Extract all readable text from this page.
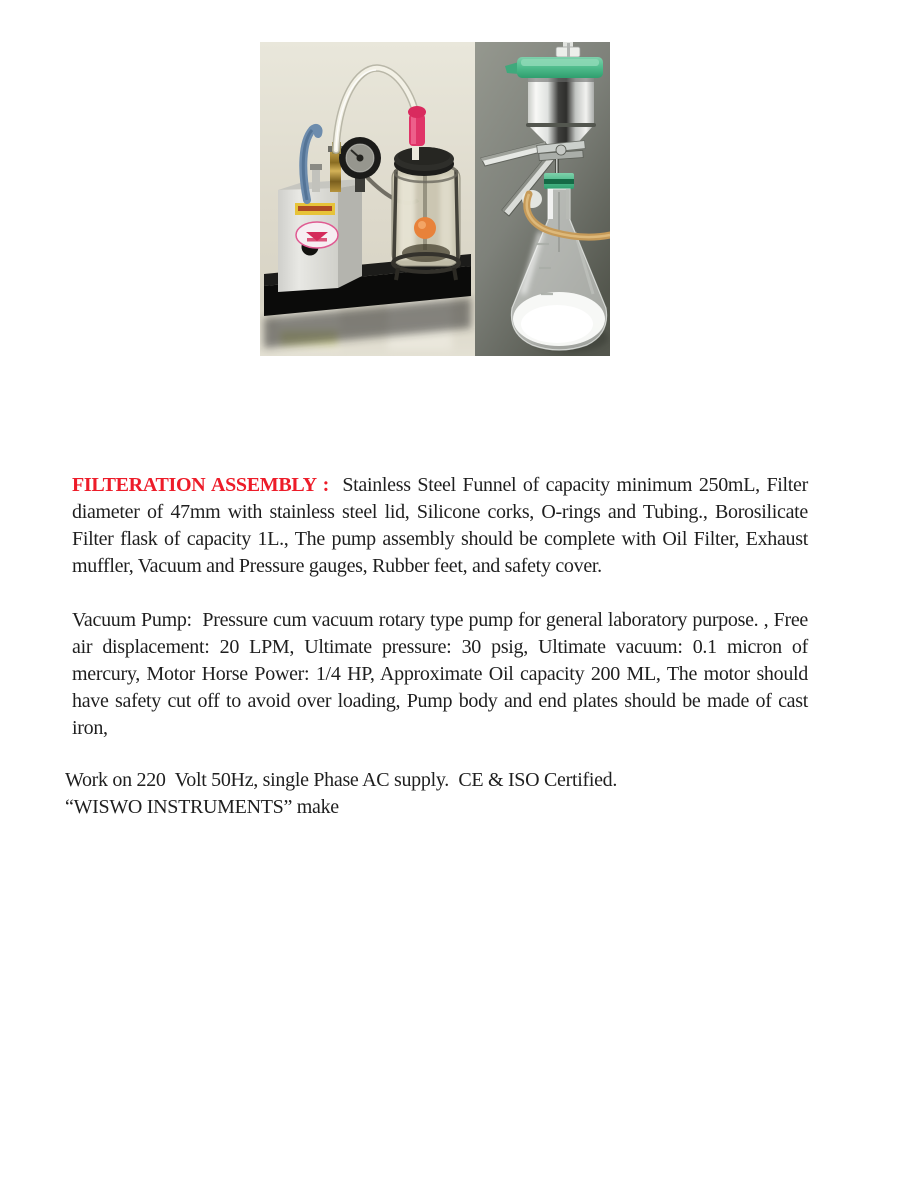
FILTERATION ASSEMBLY :  Stainless Steel Funnel of capacity minimum 250mL, Filter diameter of 47mm with stainless steel lid, Silicone corks, O-rings and Tubing., Borosilicate Filter flask of capacity 1L., The pump assembly should be complete with Oil Filter, Exhaust muffler, Vacuum and Pressure gauges, Rubber feet, and safety cover.

Vacuum Pump:  Pressure cum vacuum rotary type pump for general laboratory purpose. , Free air displacement: 20 LPM, Ultimate pressure: 30 psig, Ultimate vacuum: 0.1 micron of mercury, Motor Horse Power: 1/4 HP, Approximate Oil capacity 200 ML, The motor should have safety cut off to avoid over loading, Pump body and end plates should be made of cast iron,

Work on 220  Volt 50Hz, single Phase AC supply.  CE & ISO Certified.
“WISWO INSTRUMENTS” make
